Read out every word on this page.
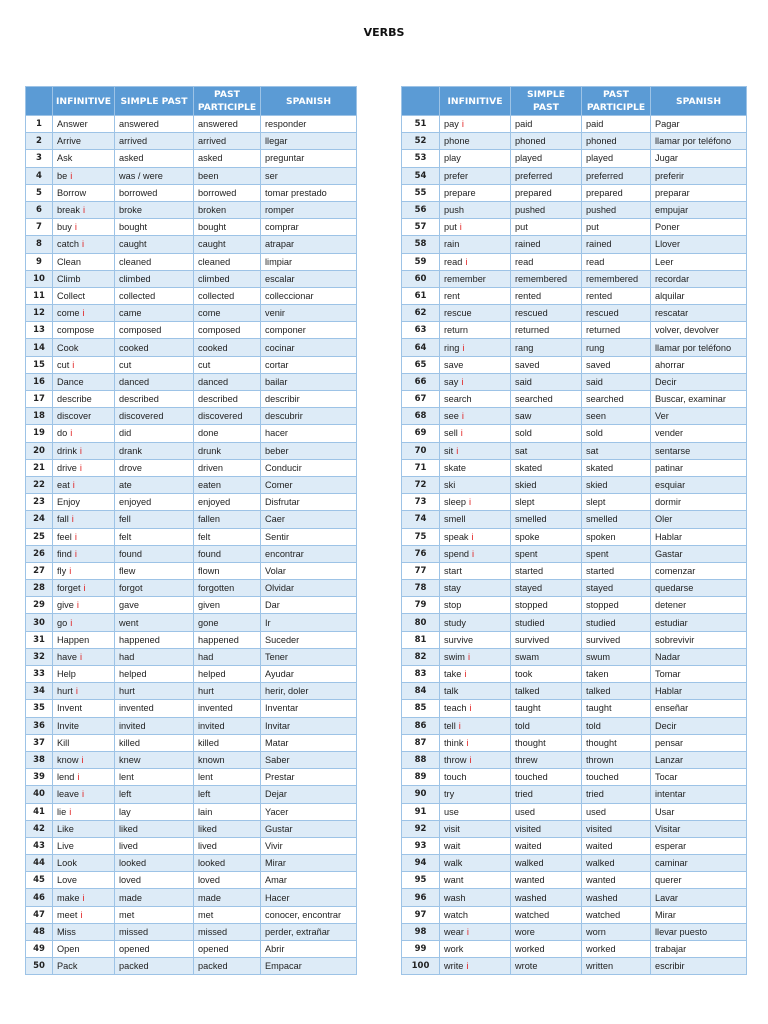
VERBS
	INFINITIVE	SIMPLE PAST	PAST PARTICIPLE	SPANISH
1	Answer	answered	answered	responder
2	Arrive	arrived	arrived	llegar
3	Ask	asked	asked	preguntar
4	be i	was / were	been	ser
5	Borrow	borrowed	borrowed	tomar prestado
6	break i	broke	broken	romper
7	buy i	bought	bought	comprar
8	catch i	caught	caught	atrapar
9	Clean	cleaned	cleaned	limpiar
10	Climb	climbed	climbed	escalar
11	Collect	collected	collected	colleccionar
12	come i	came	come	venir
13	compose	composed	composed	componer
14	Cook	cooked	cooked	cocinar
15	cut i	cut	cut	cortar
16	Dance	danced	danced	bailar
17	describe	described	described	describir
18	discover	discovered	discovered	descubrir
19	do i	did	done	hacer
20	drink i	drank	drunk	beber
21	drive i	drove	driven	Conducir
22	eat i	ate	eaten	Comer
23	Enjoy	enjoyed	enjoyed	Disfrutar
24	fall i	fell	fallen	Caer
25	feel i	felt	felt	Sentir
26	find i	found	found	encontrar
27	fly i	flew	flown	Volar
28	forget i	forgot	forgotten	Olvidar
29	give i	gave	given	Dar
30	go i	went	gone	Ir
31	Happen	happened	happened	Suceder
32	have i	had	had	Tener
33	Help	helped	helped	Ayudar
34	hurt i	hurt	hurt	herir, doler
35	Invent	invented	invented	Inventar
36	Invite	invited	invited	Invitar
37	Kill	killed	killed	Matar
38	know i	knew	known	Saber
39	lend i	lent	lent	Prestar
40	leave i	left	left	Dejar
41	lie i	lay	lain	Yacer
42	Like	liked	liked	Gustar
43	Live	lived	lived	Vivir
44	Look	looked	looked	Mirar
45	Love	loved	loved	Amar
46	make i	made	made	Hacer
47	meet i	met	met	conocer, encontrar
48	Miss	missed	missed	perder, extrañar
49	Open	opened	opened	Abrir
50	Pack	packed	packed	Empacar
	INFINITIVE	SIMPLE PAST	PAST PARTICIPLE	SPANISH
51	pay i	paid	paid	Pagar
52	phone	phoned	phoned	llamar por teléfono
53	play	played	played	Jugar
54	prefer	preferred	preferred	preferir
55	prepare	prepared	prepared	preparar
56	push	pushed	pushed	empujar
57	put i	put	put	Poner
58	rain	rained	rained	Llover
59	read i	read	read	Leer
60	remember	remembered	remembered	recordar
61	rent	rented	rented	alquilar
62	rescue	rescued	rescued	rescatar
63	return	returned	returned	volver, devolver
64	ring i	rang	rung	llamar por teléfono
65	save	saved	saved	ahorrar
66	say i	said	said	Decir
67	search	searched	searched	Buscar, examinar
68	see i	saw	seen	Ver
69	sell i	sold	sold	vender
70	sit i	sat	sat	sentarse
71	skate	skated	skated	patinar
72	ski	skied	skied	esquiar
73	sleep i	slept	slept	dormir
74	smell	smelled	smelled	Oler
75	speak i	spoke	spoken	Hablar
76	spend i	spent	spent	Gastar
77	start	started	started	comenzar
78	stay	stayed	stayed	quedarse
79	stop	stopped	stopped	detener
80	study	studied	studied	estudiar
81	survive	survived	survived	sobrevivir
82	swim i	swam	swum	Nadar
83	take i	took	taken	Tomar
84	talk	talked	talked	Hablar
85	teach i	taught	taught	enseñar
86	tell i	told	told	Decir
87	think i	thought	thought	pensar
88	throw i	threw	thrown	Lanzar
89	touch	touched	touched	Tocar
90	try	tried	tried	intentar
91	use	used	used	Usar
92	visit	visited	visited	Visitar
93	wait	waited	waited	esperar
94	walk	walked	walked	caminar
95	want	wanted	wanted	querer
96	wash	washed	washed	Lavar
97	watch	watched	watched	Mirar
98	wear i	wore	worn	llevar puesto
99	work	worked	worked	trabajar
100	write i	wrote	written	escribir
